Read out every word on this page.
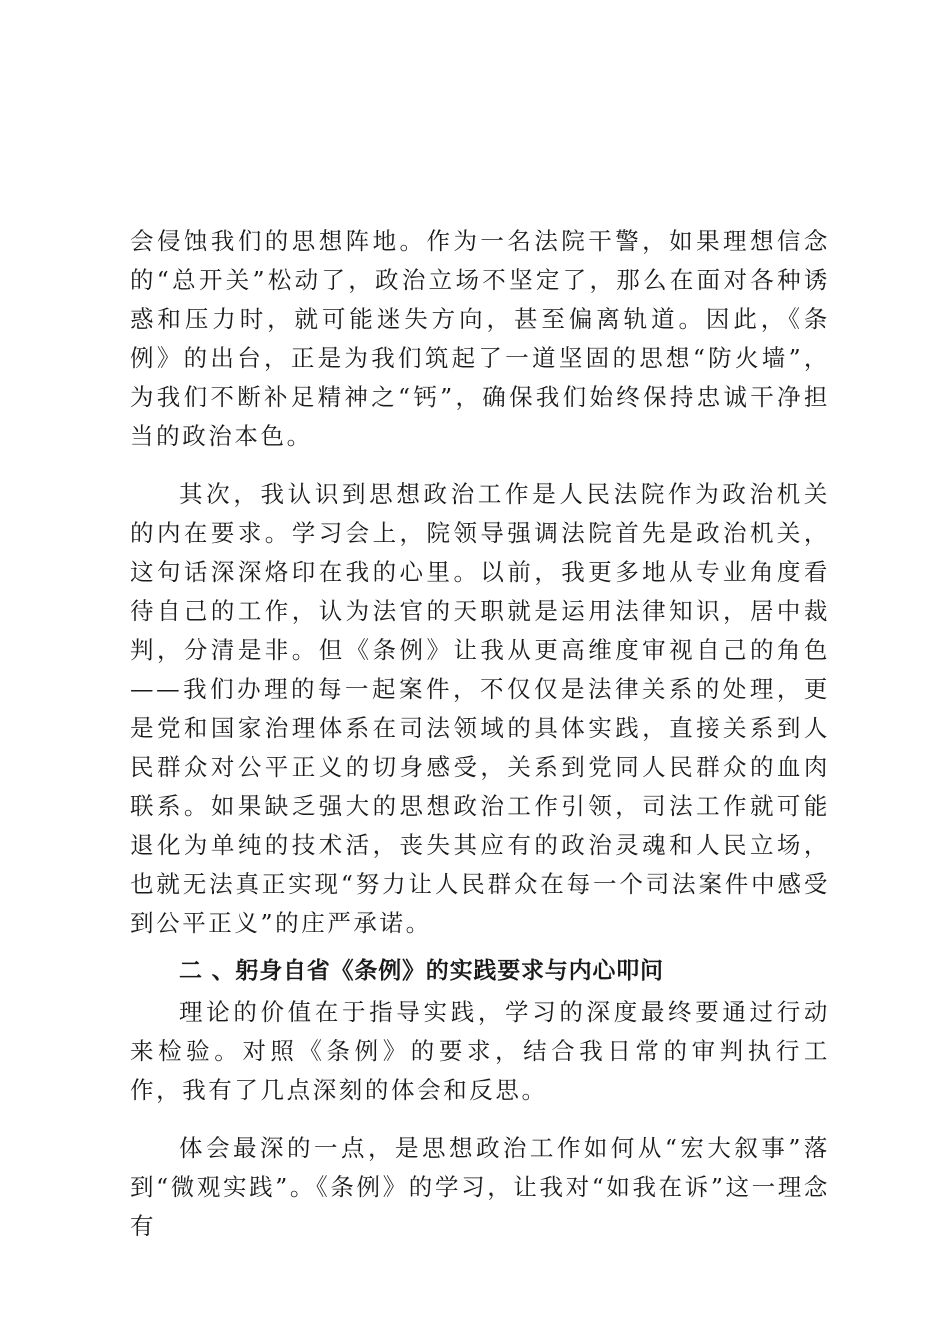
会侵蚀我们的思想阵地。作为一名法院干警，如果理想信念的“总开关”松动了，政治立场不坚定了，那么在面对各种诱惑和压力时，就可能迷失方向，甚至偏离轨道。因此，《条例》的出台，正是为我们筑起了一道坚固的思想“防火墙”，为我们不断补足精神之“钙”，确保我们始终保持忠诚干净担当的政治本色。

其次，我认识到思想政治工作是人民法院作为政治机关的内在要求。学习会上，院领导强调法院首先是政治机关，这句话深深烙印在我的心里。以前，我更多地从专业角度看待自己的工作，认为法官的天职就是运用法律知识，居中裁判，分清是非。但《条例》让我从更高维度审视自己的角色——我们办理的每一起案件，不仅仅是法律关系的处理，更是党和国家治理体系在司法领域的具体实践，直接关系到人民群众对公平正义的切身感受，关系到党同人民群众的血肉联系。如果缺乏强大的思想政治工作引领，司法工作就可能退化为单纯的技术活，丧失其应有的政治灵魂和人民立场，也就无法真正实现“努力让人民群众在每一个司法案件中感受到公平正义”的庄严承诺。

二 、躬身自省《条例》的实践要求与内心叩问

理论的价值在于指导实践，学习的深度最终要通过行动来检验。对照《条例》的要求，结合我日常的审判执行工作，我有了几点深刻的体会和反思。

体会最深的一点，是思想政治工作如何从“宏大叙事”落到“微观实践”。《条例》的学习，让我对“如我在诉”这一理念有
